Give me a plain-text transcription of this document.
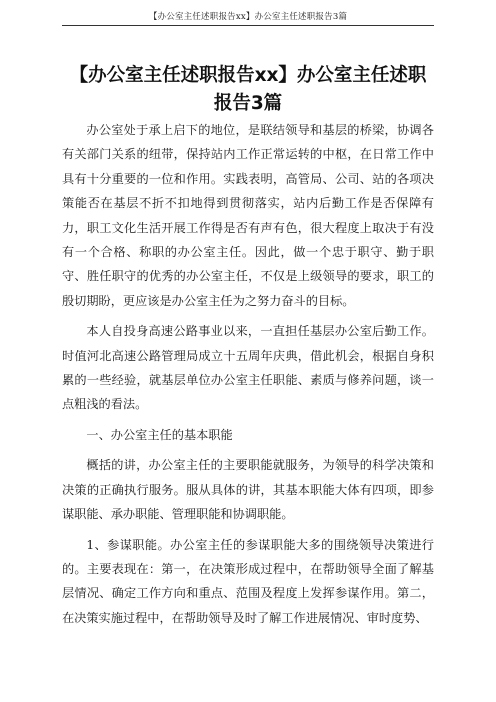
【办公室主任述职报告xx】办公室主任述职报告3篇
【办公室主任述职报告xx】办公室主任述职报告3篇

办公室处于承上启下的地位，是联结领导和基层的桥梁，协调各有关部门关系的纽带，保持站内工作正常运转的中枢，在日常工作中具有十分重要的一位和作用。实践表明，高管局、公司、站的各项决策能否在基层不折不扣地得到贯彻落实，站内后勤工作是否保障有力，职工文化生活开展工作得是否有声有色，很大程度上取决于有没有一个合格、称职的办公室主任。因此，做一个忠于职守、勤于职守、胜任职守的优秀的办公室主任，不仅是上级领导的要求，职工的殷切期盼，更应该是办公室主任为之努力奋斗的目标。

本人自投身高速公路事业以来，一直担任基层办公室后勤工作。时值河北高速公路管理局成立十五周年庆典，借此机会，根据自身积累的一些经验，就基层单位办公室主任职能、素质与修养问题，谈一点粗浅的看法。

一、办公室主任的基本职能

概括的讲，办公室主任的主要职能就服务，为领导的科学决策和决策的正确执行服务。服从具体的讲，其基本职能大体有四项，即参谋职能、承办职能、管理职能和协调职能。

1、参谋职能。办公室主任的参谋职能大多的围绕领导决策进行的。主要表现在：第一，在决策形成过程中，在帮助领导全面了解基层情况、确定工作方向和重点、范围及程度上发挥参谋作用。第二，在决策实施过程中，在帮助领导及时了解工作进展情况、审时度势、
